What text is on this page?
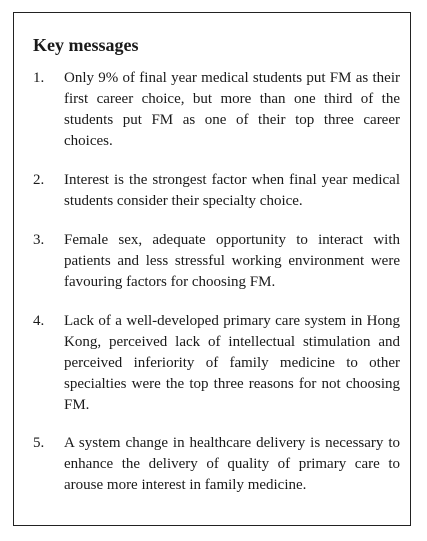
Key messages
1. Only 9% of final year medical students put FM as their first career choice, but more than one third of the students put FM as one of their top three career choices.
2. Interest is the strongest factor when final year medical students consider their specialty choice.
3. Female sex, adequate opportunity to interact with patients and less stressful working environment were favouring factors for choosing FM.
4. Lack of a well-developed primary care system in Hong Kong, perceived lack of intellectual stimulation and perceived inferiority of family medicine to other specialties were the top three reasons for not choosing FM.
5. A system change in healthcare delivery is necessary to enhance the delivery of quality of primary care to arouse more interest in family medicine.
